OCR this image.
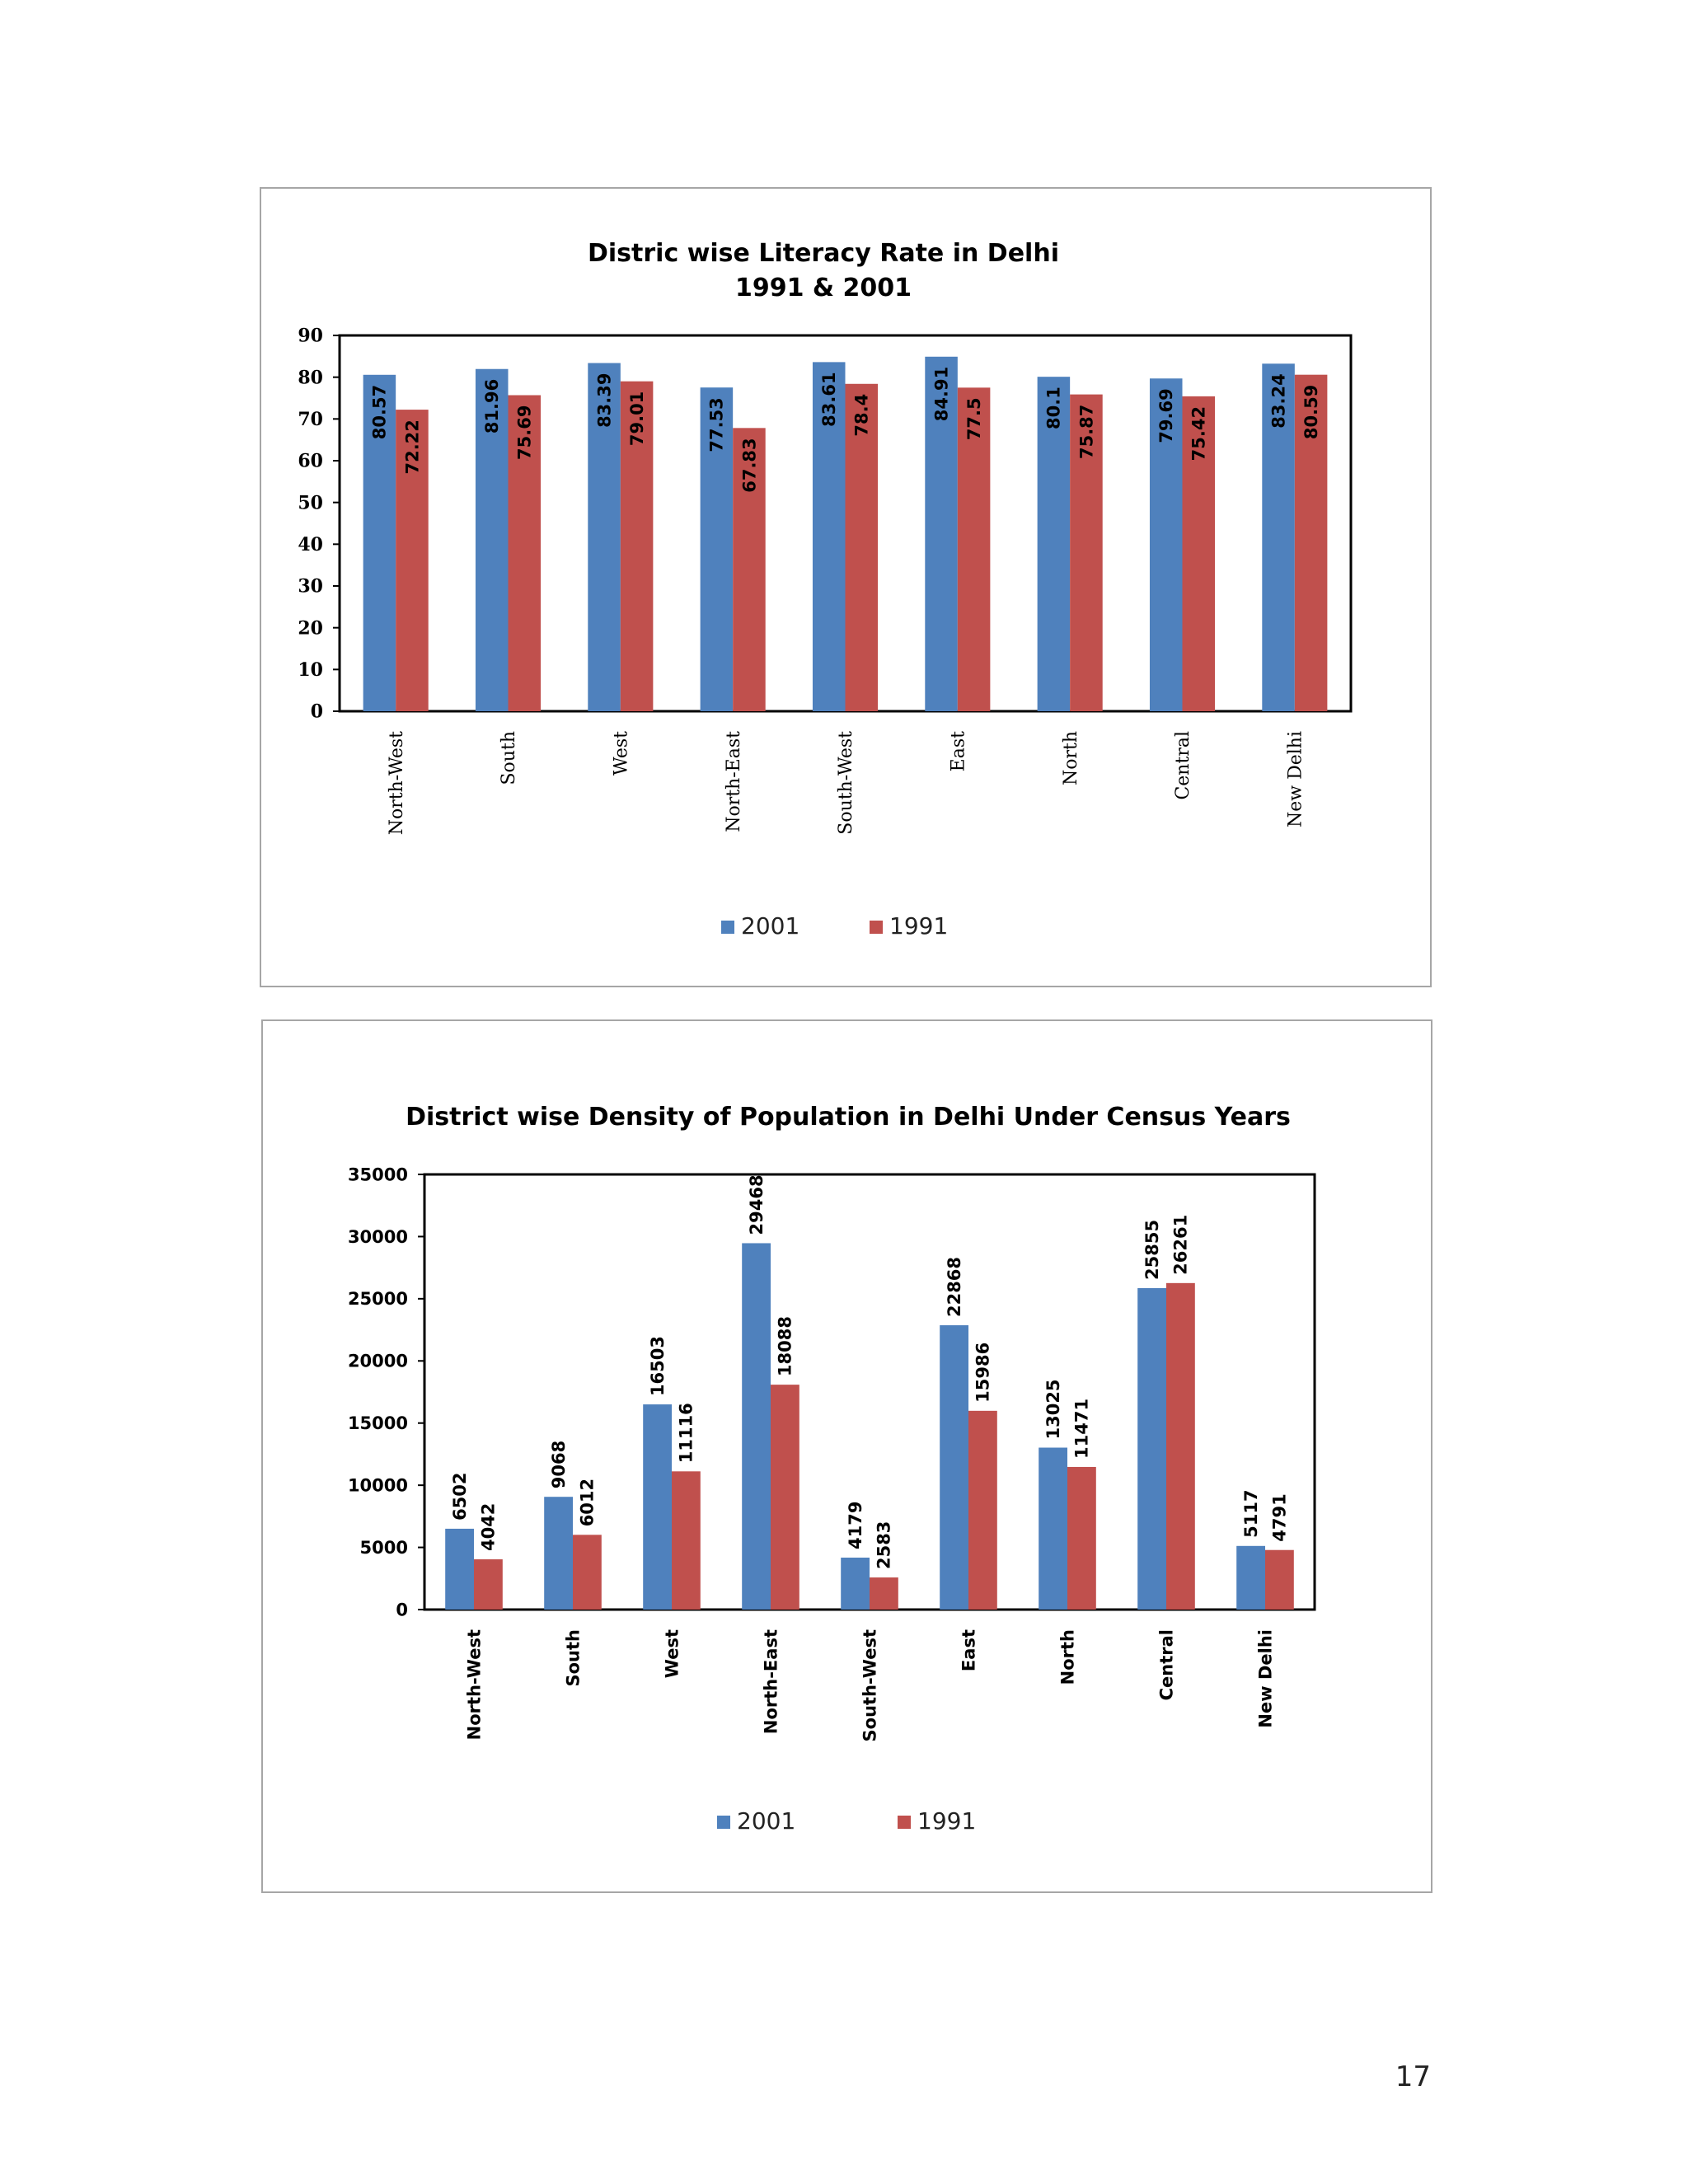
Distric wise Literacy Rate in Delhi
1991 & 2001
0
10
20
30
40
50
60
70
80
90
80.57
72.22
North-West
81.96 75.69
South
83.39 79.01
West
77.53
67.83
North-East
83.61 78.4
South-West
84.91 77.5
East
80.1 75.87
North
79.69 75.42
Central
83.24 80.59
New Delhi
2001	1991
District wise Density of Population in Delhi Under Census Years
0
5000
10000
15000
20000
25000
30000
35000
6502
4042
North-West
9068
6012
South
16503
11116
West
29468
18088
North-East
4179 2583
South-West
22868
15986
East
13025 11471
North
25855 26261
Central
5117 4791
New Delhi
2001	1991
17
